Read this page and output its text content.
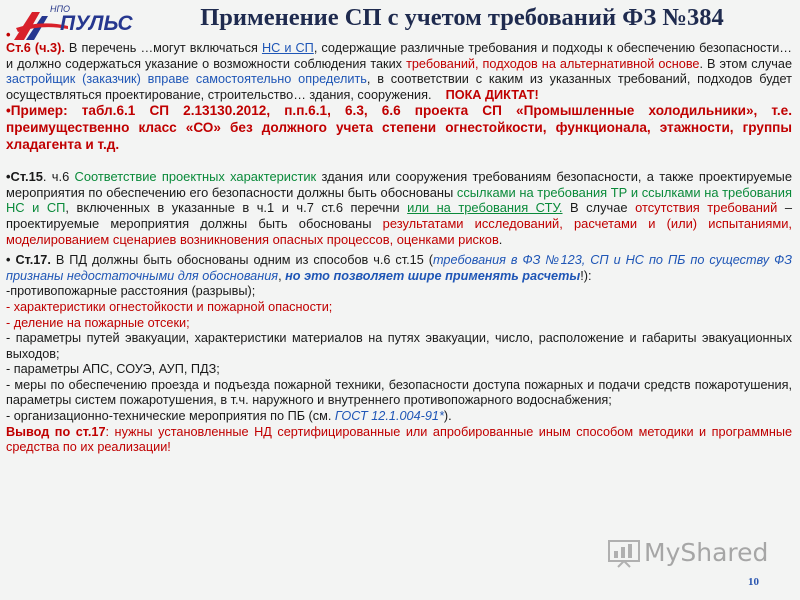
НПО
ПУЛЬС	Применение СП с учетом требований ФЗ №384
•

Ст.6 (ч.3). В перечень …могут включаться НС и СП, содержащие различные требования и подходы к обеспечению безопасности… и должно содержаться указание о возможности соблюдения таких требований, подходов на альтернативной основе. В этом случае застройщик (заказчик) вправе самостоятельно определить, в соответствии с каким из указанных требований, подходов будет осуществляться проектирование, строительство… здания, сооружения. ПОКА ДИКТАТ!

•Пример: табл.6.1 СП 2.13130.2012, п.п.6.1, 6.3, 6.6 проекта СП «Промышленные холодильники», т.е. преимущественно класс «СО» без должного учета степени огнестойкости, функционала, этажности, группы хладагента и т.д.

•Ст.15. ч.6 Соответствие проектных характеристик здания или сооружения требованиям безопасности, а также проектируемые мероприятия по обеспечению его безопасности должны быть обоснованы ссылками на требования ТР и ссылками на требования НС и СП, включенных в указанные в ч.1 и ч.7 ст.6 перечни или на требования СТУ. В случае отсутствия требований – проектируемые мероприятия должны быть обоснованы результатами исследований, расчетами и (или) испытаниями, моделированием сценариев возникновения опасных процессов, оценками рисков.

• Ст.17. В ПД должны быть обоснованы одним из способов ч.6 ст.15 (требования в ФЗ №123, СП и НС по ПБ по существу ФЗ признаны недостаточными для обоснования, но это позволяет шире применять расчеты!):

-противопожарные расстояния (разрывы);

- характеристики огнестойкости и пожарной опасности;

- деление на пожарные отсеки;

- параметры путей эвакуации, характеристики материалов на путях эвакуации, число, расположение и габариты эвакуационных выходов;

- параметры АПС, СОУЭ, АУП, ПДЗ;

- меры по обеспечению проезда и подъезда пожарной техники, безопасности доступа пожарных и подачи средств пожаротушения, параметры систем пожаротушения, в т.ч. наружного и внутреннего противопожарного водоснабжения;

- организационно-технические мероприятия по ПБ (см. ГОСТ 12.1.004-91*).

Вывод по ст.17: нужны установленные НД сертифицированные или апробированные иным способом методики и программные средства по их реализации!

MyShared
10
